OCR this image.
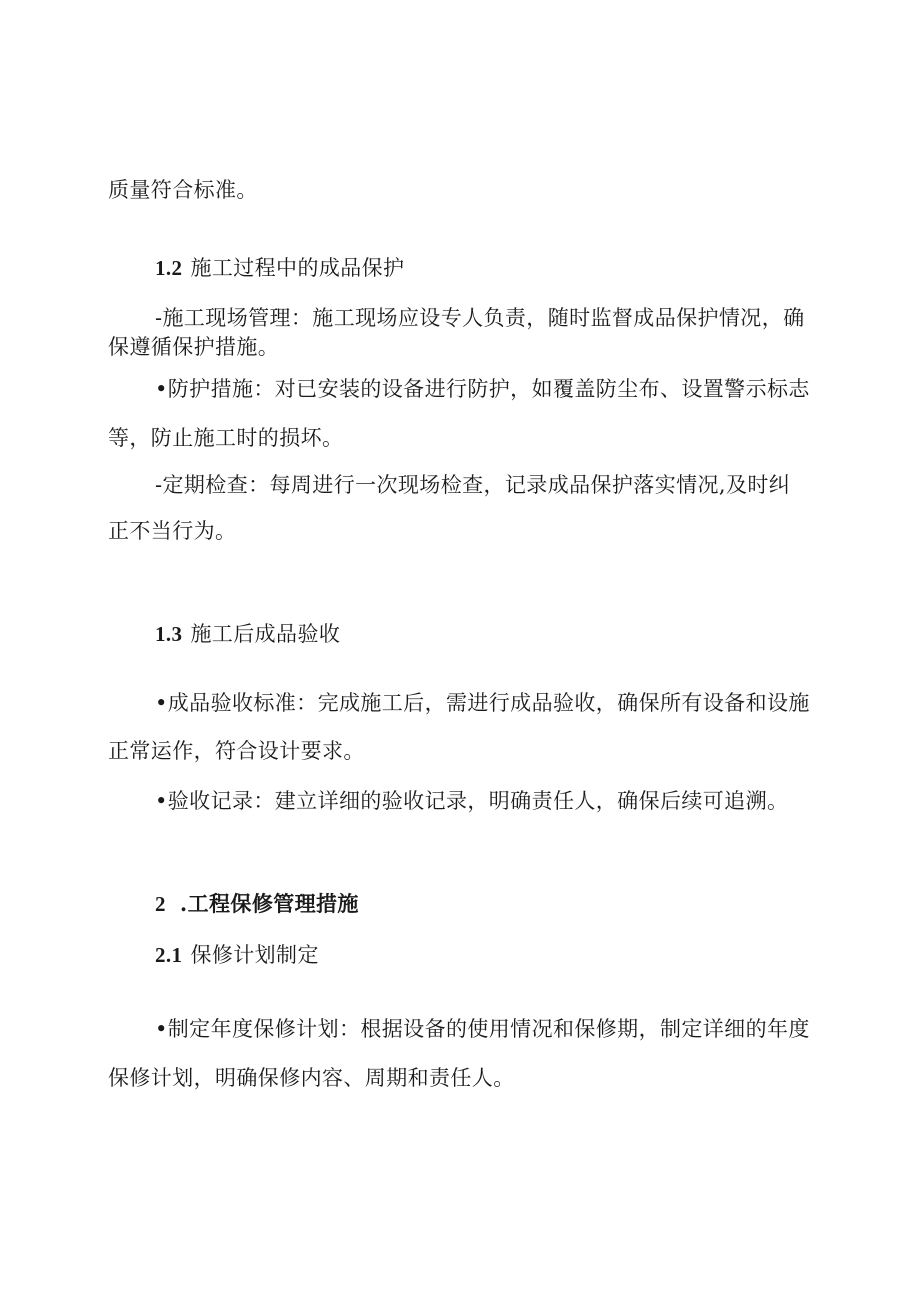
质量符合标准。
1.2 施工过程中的成品保护
-施工现场管理：施工现场应设专人负责，随时监督成品保护情况，确
保遵循保护措施。
•防护措施：对已安装的设备进行防护，如覆盖防尘布、设置警示标志
等，防止施工时的损坏。
-定期检查：每周进行一次现场检查，记录成品保护落实情况,及时纠
正不当行为。
1.3 施工后成品验收
•成品验收标准：完成施工后，需进行成品验收，确保所有设备和设施
正常运作，符合设计要求。
•验收记录：建立详细的验收记录，明确责任人，确保后续可追溯。
2 .工程保修管理措施
2.1 保修计划制定
•制定年度保修计划：根据设备的使用情况和保修期，制定详细的年度
保修计划，明确保修内容、周期和责任人。
